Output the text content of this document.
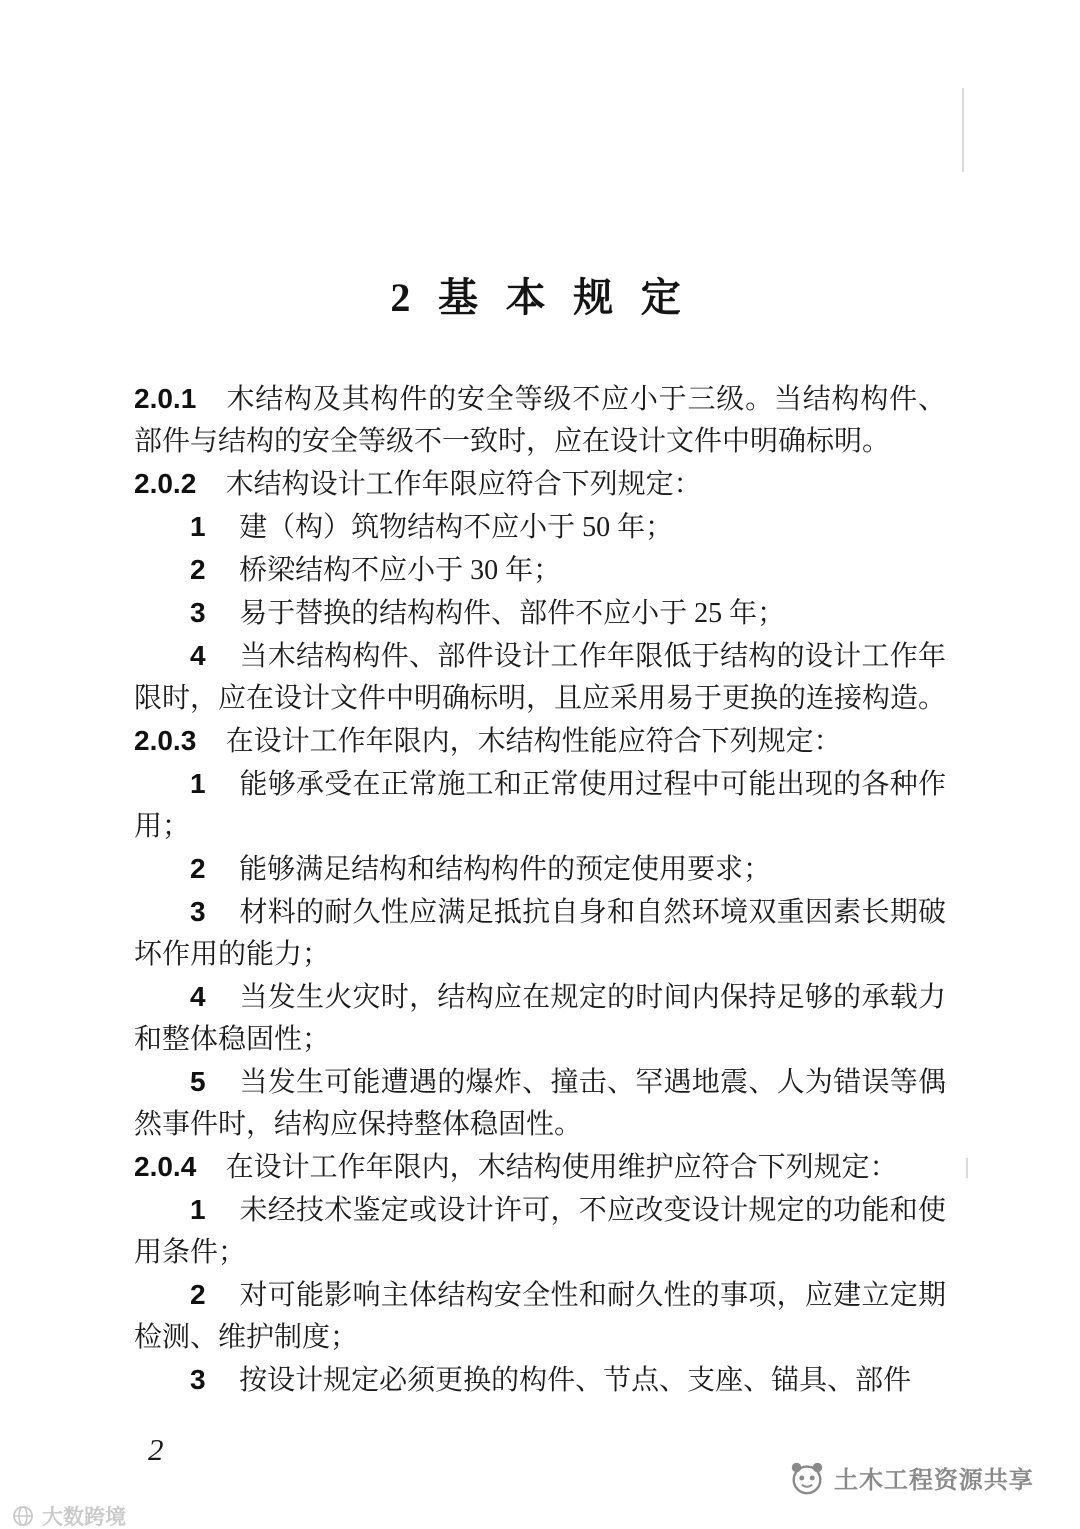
2 基 本 规 定

2.0.1 木结构及其构件的安全等级不应小于三级。当结构构件、部件与结构的安全等级不一致时，应在设计文件中明确标明。

2.0.2 木结构设计工作年限应符合下列规定：

1 建（构）筑物结构不应小于 50 年；

2 桥梁结构不应小于 30 年；

3 易于替换的结构构件、部件不应小于 25 年；

4 当木结构构件、部件设计工作年限低于结构的设计工作年限时，应在设计文件中明确标明，且应采用易于更换的连接构造。

2.0.3 在设计工作年限内，木结构性能应符合下列规定：

1 能够承受在正常施工和正常使用过程中可能出现的各种作用；

2 能够满足结构和结构构件的预定使用要求；

3 材料的耐久性应满足抵抗自身和自然环境双重因素长期破坏作用的能力；

4 当发生火灾时，结构应在规定的时间内保持足够的承载力和整体稳固性；

5 当发生可能遭遇的爆炸、撞击、罕遇地震、人为错误等偶然事件时，结构应保持整体稳固性。

2.0.4 在设计工作年限内，木结构使用维护应符合下列规定：

1 未经技术鉴定或设计许可，不应改变设计规定的功能和使用条件；

2 对可能影响主体结构安全性和耐久性的事项，应建立定期检测、维护制度；

3 按设计规定必须更换的构件、节点、支座、锚具、部件

2
土木工程资源共享
大数跨境
